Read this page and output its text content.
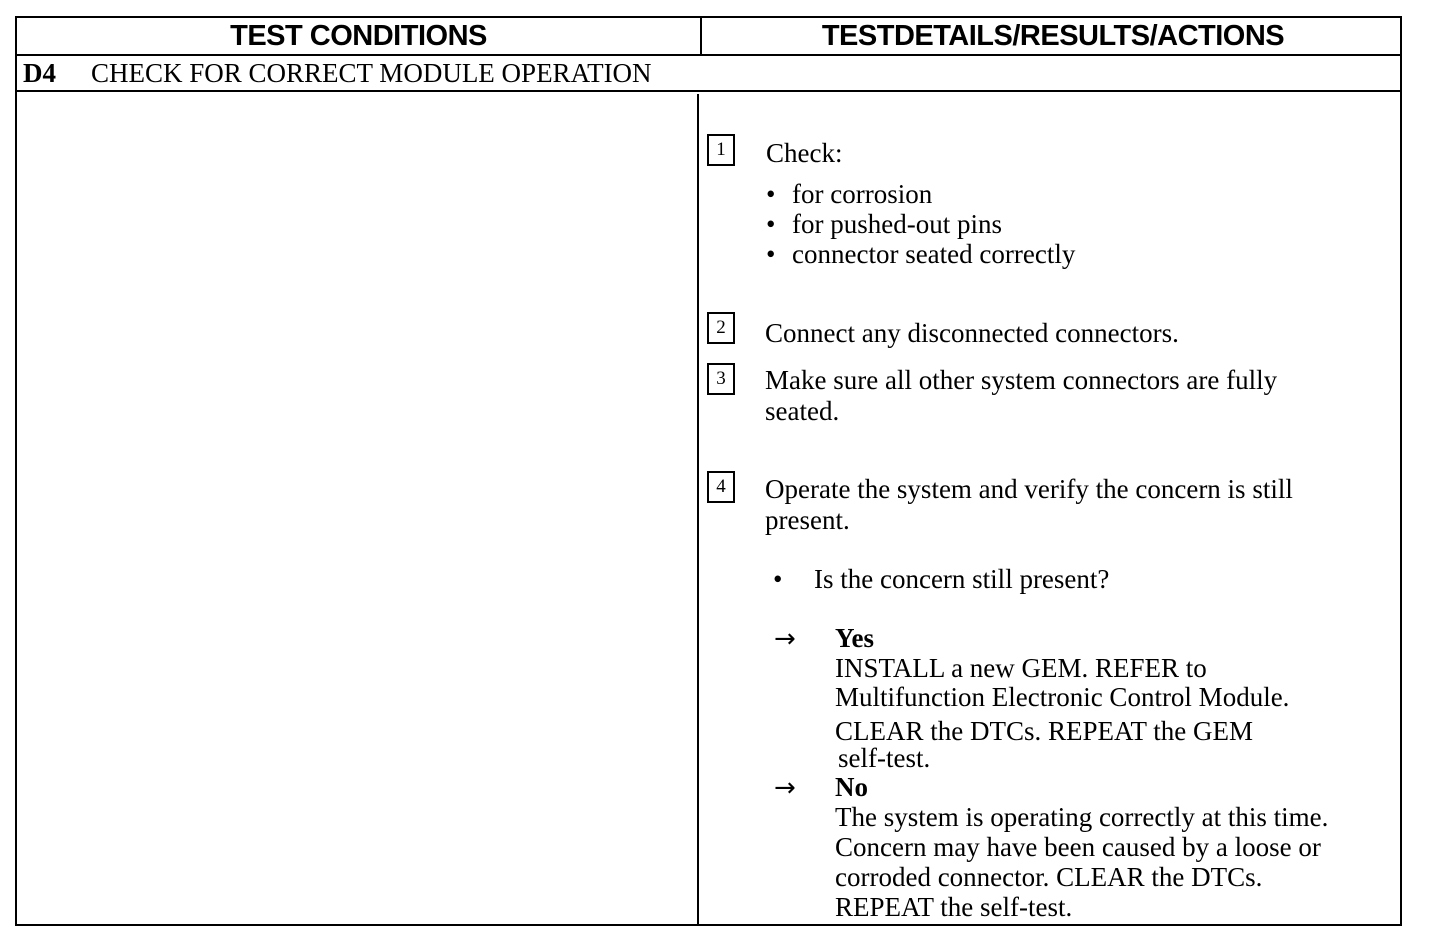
TEST CONDITIONS	TESTDETAILS/RESULTS/ACTIONS
D4 CHECK FOR CORRECT MODULE OPERATION
1	Check:
• for corrosion
• for pushed-out pins
• connector seated correctly
2	Connect any disconnected connectors.
3	Make sure all other system connectors are fully
seated.
4	Operate the system and verify the concern is still
present.
• Is the concern still present?
→ Yes
INSTALL a new GEM. REFER to
Multifunction Electronic Control Module.
CLEAR the DTCs. REPEAT the GEM
self-test.
→ No
The system is operating correctly at this time.
Concern may have been caused by a loose or
corroded connector. CLEAR the DTCs.
REPEAT the self-test.
